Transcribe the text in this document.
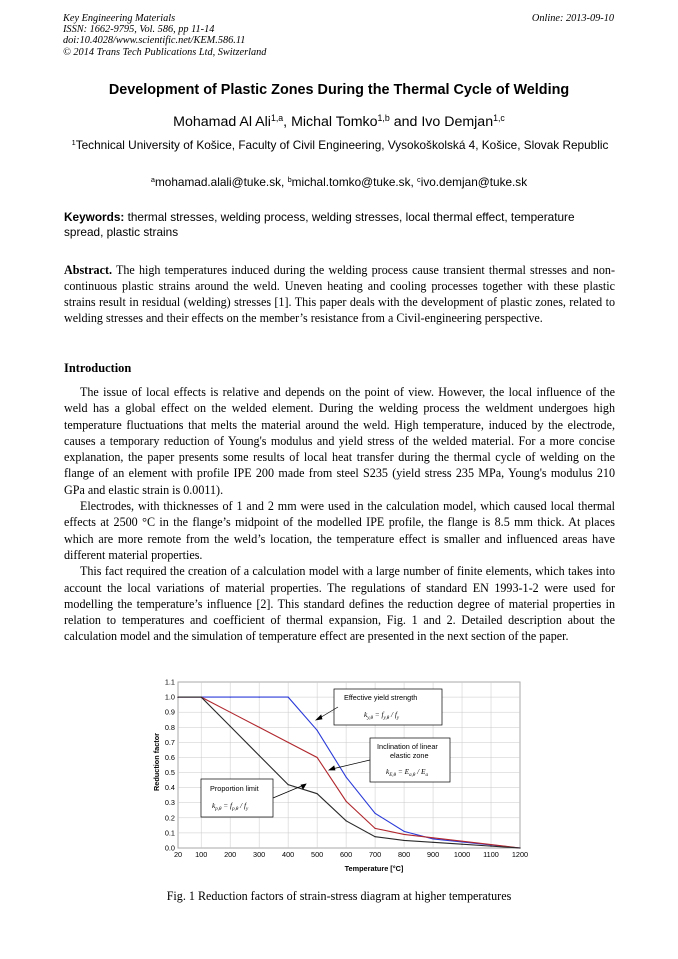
Key Engineering Materials
ISSN: 1662-9795, Vol. 586, pp 11-14
doi:10.4028/www.scientific.net/KEM.586.11
© 2014 Trans Tech Publications Ltd, Switzerland
Online: 2013-09-10
Development of Plastic Zones During the Thermal Cycle of Welding
Mohamad Al Ali$^{1,a}$, Michal Tomko$^{1,b}$ and Ivo Demjan$^{1,c}$
$^1$Technical University of Košice, Faculty of Civil Engineering, Vysokoškolská 4, Košice, Slovak Republic
$^a$mohamad.alali@tuke.sk, $^b$michal.tomko@tuke.sk, $^c$ivo.demjan@tuke.sk
Keywords: thermal stresses, welding process, welding stresses, local thermal effect, temperature spread, plastic strains
Abstract. The high temperatures induced during the welding process cause transient thermal stresses and non-continuous plastic strains around the weld. Uneven heating and cooling processes together with these plastic strains result in residual (welding) stresses [1]. This paper deals with the development of plastic zones, related to welding stresses and their effects on the member’s resistance from a Civil-engineering perspective.
Introduction

The issue of local effects is relative and depends on the point of view. However, the local influence of the weld has a global effect on the welded element. During the welding process the weldment undergoes high temperature fluctuations that melts the material around the weld. High temperature, induced by the electrode, causes a temporary reduction of Young's modulus and yield stress of the welded material. For a more concise explanation, the paper presents some results of local heat transfer during the thermal cycle of welding on the flange of an element with profile IPE 200 made from steel S235 (yield stress 235 MPa, Young's modulus 210 GPa and elastic strain is 0.0011).

Electrodes, with thicknesses of 1 and 2 mm were used in the calculation model, which caused local thermal effects at 2500 °C in the flange’s midpoint of the modelled IPE profile, the flange is 8.5 mm thick. At places which are more remote from the weld’s location, the temperature effect is smaller and influenced areas have different material properties.

This fact required the creation of a calculation model with a large number of finite elements, which takes into account the local variations of material properties. The regulations of standard EN 1993-1-2 were used for modelling the temperature’s influence [2]. This standard defines the reduction degree of material properties in relation to temperatures and coefficient of thermal expansion, Fig. 1 and 2. Detailed description about the calculation model and the simulation of temperature effect are presented in the next section of the paper.

20 100 200 300 400 500 600 700 800 900 1000 1100 1200
0.0
0.1
0.2
0.3
0.4
0.5
0.6
0.7
0.8
0.9
1.0
1.1
Effective yield strength
$k_{y,\theta} = f_{y,\theta} / f_y$
Inclination of linear
elastic zone
$k_{E,\theta} = E_{a,\theta} / E_a$
Proportion limit
$k_{p,\theta} = f_{p,\theta} / f_y$
Temperature [°C]
Reduction factor
Fig. 1 Reduction factors of strain-stress diagram at higher temperatures
